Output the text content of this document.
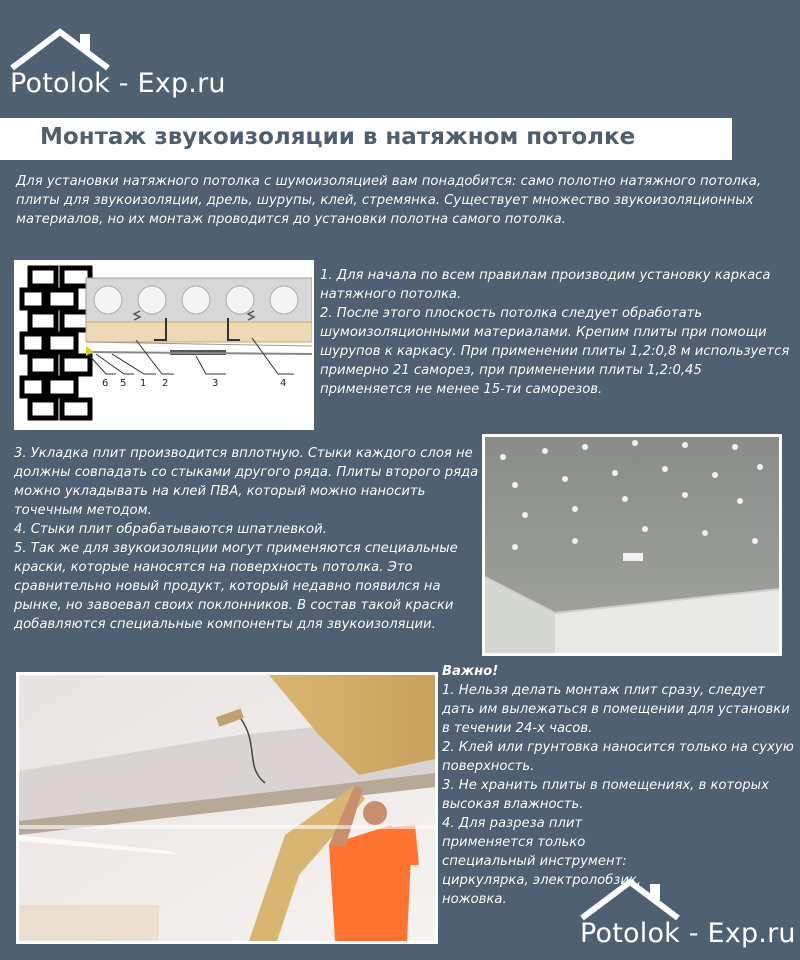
Potolok - Exp.ru
Монтаж звукоизоляции в натяжном потолке
Для установки натяжного потолка с шумоизоляцией вам понадобится: само полотно натяжного потолка, плиты для звукоизоляции, дрель, шурупы, клей, стремянка. Существует множество звукоизоляционных материалов, но их монтаж проводится до установки полотна самого потолка.
6 5 1 2	3	4

1. Для начала по всем правилам производим установку каркаса натяжного потолка.

2. После этого плоскость потолка следует обработать шумоизоляционными материалами. Крепим плиты при помощи шурупов к каркасу. При применении плиты 1,2:0,8 м используется примерно 21 саморез, при применении плиты 1,2:0,45 применяется не менее 15-ти саморезов.

3. Укладка плит производится вплотную. Стыки каждого слоя не должны совпадать со стыками другого ряда. Плиты второго ряда можно укладывать на клей ПВА, который можно наносить точечным методом.

4. Стыки плит обрабатываются шпатлевкой.

5. Так же для звукоизоляции могут применяются специальные краски, которые наносятся на поверхность потолка. Это сравнительно новый продукт, который недавно появился на рынке, но завоевал своих поклонников. В состав такой краски добавляются специальные компоненты для звукоизоляции.

Важно!

1. Нельзя делать монтаж плит сразу, следует дать им вылежаться в помещении для установки в течении 24-х часов.

2. Клей или грунтовка наносится только на сухую поверхность.

3. Не хранить плиты в помещениях, в которых высокая влажность.

4. Для разреза плит применяется только специальный инструмент: циркулярка, электролобзик, ножовка.

Potolok - Exp.ru
